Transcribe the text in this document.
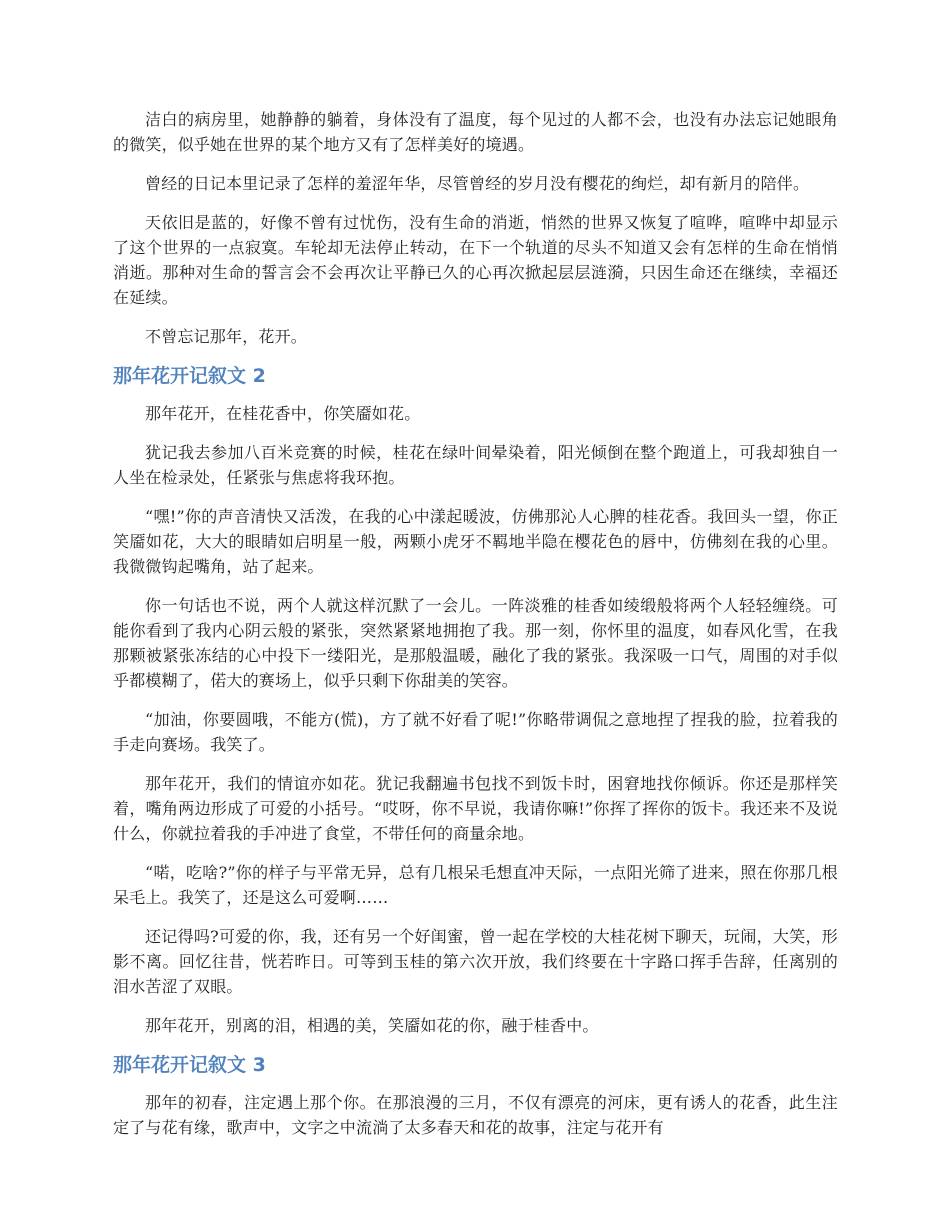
洁白的病房里，她静静的躺着，身体没有了温度，每个见过的人都不会，也没有办法忘记她眼角的微笑，似乎她在世界的某个地方又有了怎样美好的境遇。

曾经的日记本里记录了怎样的羞涩年华，尽管曾经的岁月没有樱花的绚烂，却有新月的陪伴。

天依旧是蓝的，好像不曾有过忧伤，没有生命的消逝，悄然的世界又恢复了喧哗，喧哗中却显示了这个世界的一点寂寞。车轮却无法停止转动，在下一个轨道的尽头不知道又会有怎样的生命在悄悄消逝。那种对生命的誓言会不会再次让平静已久的心再次掀起层层涟漪，只因生命还在继续，幸福还在延续。

不曾忘记那年，花开。

那年花开记叙文 2

那年花开，在桂花香中，你笑靥如花。

犹记我去参加八百米竞赛的时候，桂花在绿叶间晕染着，阳光倾倒在整个跑道上，可我却独自一人坐在检录处，任紧张与焦虑将我环抱。

“嘿!”你的声音清快又活泼，在我的心中漾起暖波，仿佛那沁人心脾的桂花香。我回头一望，你正笑靥如花，大大的眼睛如启明星一般，两颗小虎牙不羁地半隐在樱花色的唇中，仿佛刻在我的心里。我微微钩起嘴角，站了起来。

你一句话也不说，两个人就这样沉默了一会儿。一阵淡雅的桂香如绫缎般将两个人轻轻缠绕。可能你看到了我内心阴云般的紧张，突然紧紧地拥抱了我。那一刻，你怀里的温度，如春风化雪，在我那颗被紧张冻结的心中投下一缕阳光，是那般温暖，融化了我的紧张。我深吸一口气，周围的对手似乎都模糊了，偌大的赛场上，似乎只剩下你甜美的笑容。

“加油，你要圆哦，不能方(慌)，方了就不好看了呢!”你略带调侃之意地捏了捏我的脸，拉着我的手走向赛场。我笑了。

那年花开，我们的情谊亦如花。犹记我翻遍书包找不到饭卡时，困窘地找你倾诉。你还是那样笑着，嘴角两边形成了可爱的小括号。“哎呀，你不早说，我请你嘛!”你挥了挥你的饭卡。我还来不及说什么，你就拉着我的手冲进了食堂，不带任何的商量余地。

“喏，吃啥?”你的样子与平常无异，总有几根呆毛想直冲天际，一点阳光筛了进来，照在你那几根呆毛上。我笑了，还是这么可爱啊……

还记得吗?可爱的你，我，还有另一个好闺蜜，曾一起在学校的大桂花树下聊天，玩闹，大笑，形影不离。回忆往昔，恍若昨日。可等到玉桂的第六次开放，我们终要在十字路口挥手告辞，任离别的泪水苦涩了双眼。

那年花开，别离的泪，相遇的美，笑靥如花的你，融于桂香中。

那年花开记叙文 3

那年的初春，注定遇上那个你。在那浪漫的三月，不仅有漂亮的河床，更有诱人的花香，此生注定了与花有缘，歌声中，文字之中流淌了太多春天和花的故事，注定与花开有
